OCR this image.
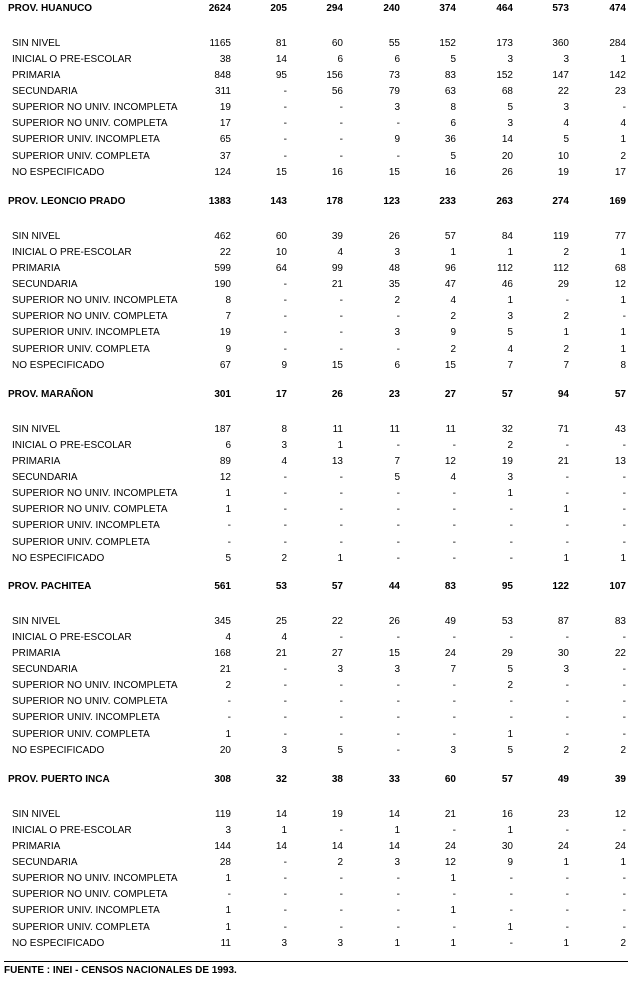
PROV. HUANUCO	2624	205	294	240	374	464	573	474
SIN NIVEL	1165	81	60	55	152	173	360	284
INICIAL O PRE-ESCOLAR	38	14	6	6	5	3	3	1
PRIMARIA	848	95	156	73	83	152	147	142
SECUNDARIA	311	-	56	79	63	68	22	23
SUPERIOR NO UNIV. INCOMPLETA	19	-	-	3	8	5	3	-
SUPERIOR NO UNIV. COMPLETA	17	-	-	-	6	3	4	4
SUPERIOR UNIV. INCOMPLETA	65	-	-	9	36	14	5	1
SUPERIOR UNIV. COMPLETA	37	-	-	-	5	20	10	2
NO ESPECIFICADO	124	15	16	15	16	26	19	17
PROV. LEONCIO PRADO	1383	143	178	123	233	263	274	169
SIN NIVEL	462	60	39	26	57	84	119	77
INICIAL O PRE-ESCOLAR	22	10	4	3	1	1	2	1
PRIMARIA	599	64	99	48	96	112	112	68
SECUNDARIA	190	-	21	35	47	46	29	12
SUPERIOR NO UNIV. INCOMPLETA	8	-	-	2	4	1	-	1
SUPERIOR NO UNIV. COMPLETA	7	-	-	-	2	3	2	-
SUPERIOR UNIV. INCOMPLETA	19	-	-	3	9	5	1	1
SUPERIOR UNIV. COMPLETA	9	-	-	-	2	4	2	1
NO ESPECIFICADO	67	9	15	6	15	7	7	8
PROV. MARAÑON	301	17	26	23	27	57	94	57
SIN NIVEL	187	8	11	11	11	32	71	43
INICIAL O PRE-ESCOLAR	6	3	1	-	-	2	-	-
PRIMARIA	89	4	13	7	12	19	21	13
SECUNDARIA	12	-	-	5	4	3	-	-
SUPERIOR NO UNIV. INCOMPLETA	1	-	-	-	-	1	-	-
SUPERIOR NO UNIV. COMPLETA	1	-	-	-	-	-	1	-
SUPERIOR UNIV. INCOMPLETA	-	-	-	-	-	-	-	-
SUPERIOR UNIV. COMPLETA	-	-	-	-	-	-	-	-
NO ESPECIFICADO	5	2	1	-	-	-	1	1
PROV. PACHITEA	561	53	57	44	83	95	122	107
SIN NIVEL	345	25	22	26	49	53	87	83
INICIAL O PRE-ESCOLAR	4	4	-	-	-	-	-	-
PRIMARIA	168	21	27	15	24	29	30	22
SECUNDARIA	21	-	3	3	7	5	3	-
SUPERIOR NO UNIV. INCOMPLETA	2	-	-	-	-	2	-	-
SUPERIOR NO UNIV. COMPLETA	-	-	-	-	-	-	-	-
SUPERIOR UNIV. INCOMPLETA	-	-	-	-	-	-	-	-
SUPERIOR UNIV. COMPLETA	1	-	-	-	-	1	-	-
NO ESPECIFICADO	20	3	5	-	3	5	2	2
PROV. PUERTO INCA	308	32	38	33	60	57	49	39
SIN NIVEL	119	14	19	14	21	16	23	12
INICIAL O PRE-ESCOLAR	3	1	-	1	-	1	-	-
PRIMARIA	144	14	14	14	24	30	24	24
SECUNDARIA	28	-	2	3	12	9	1	1
SUPERIOR NO UNIV. INCOMPLETA	1	-	-	-	1	-	-	-
SUPERIOR NO UNIV. COMPLETA	-	-	-	-	-	-	-	-
SUPERIOR UNIV. INCOMPLETA	1	-	-	-	1	-	-	-
SUPERIOR UNIV. COMPLETA	1	-	-	-	-	1	-	-
NO ESPECIFICADO	11	3	3	1	1	-	1	2
FUENTE : INEI - CENSOS NACIONALES DE 1993.
